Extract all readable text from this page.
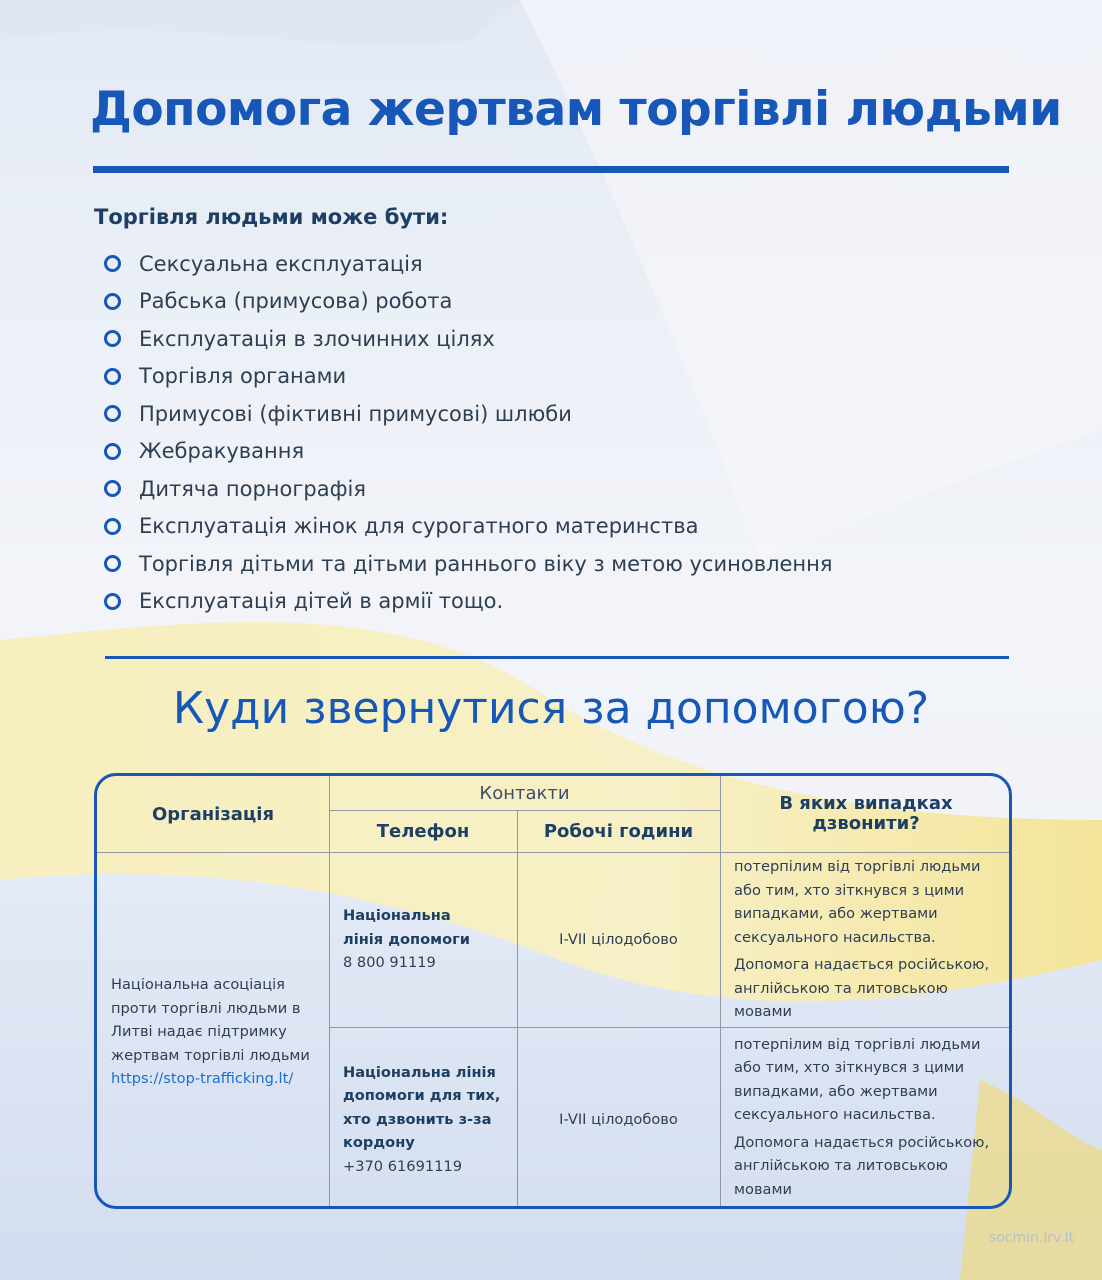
Допомога жертвам торгівлі людьми
Торгівля людьми може бути:
Сексуальна експлуатація
Рабська (примусова) робота
Експлуатація в злочинних цілях
Торгівля органами
Примусові (фіктивні примусові) шлюби
Жебракування
Дитяча порнографія
Експлуатація жінок для сурогатного материнства
Торгівля дітьми та дітьми раннього віку з метою усиновлення
Експлуатація дітей в армії тощо.
Куди звернутися за допомогою?
Організація
Контакти
Телефон	Робочі години
В яких випадках дзвонити?
Національна асоціація проти торгівлі людьми в Литві надає підтримку жертвам торгівлі людьми
https://stop-trafficking.lt/
Національна лінія допомоги
8 800 91119
I-VII цілодобово
потерпілим від торгівлі людьми або тим, хто зіткнувся з цими випадками, або жертвами сексуального насильства.
Допомога надається російською, англійською та литовською мовами
Національна лінія допомоги для тих, хто дзвонить з-за кордону
+370 61691119
I-VII цілодобово
потерпілим від торгівлі людьми або тим, хто зіткнувся з цими випадками, або жертвами сексуального насильства.
Допомога надається російською, англійською та литовською мовами
socmin.lrv.lt
